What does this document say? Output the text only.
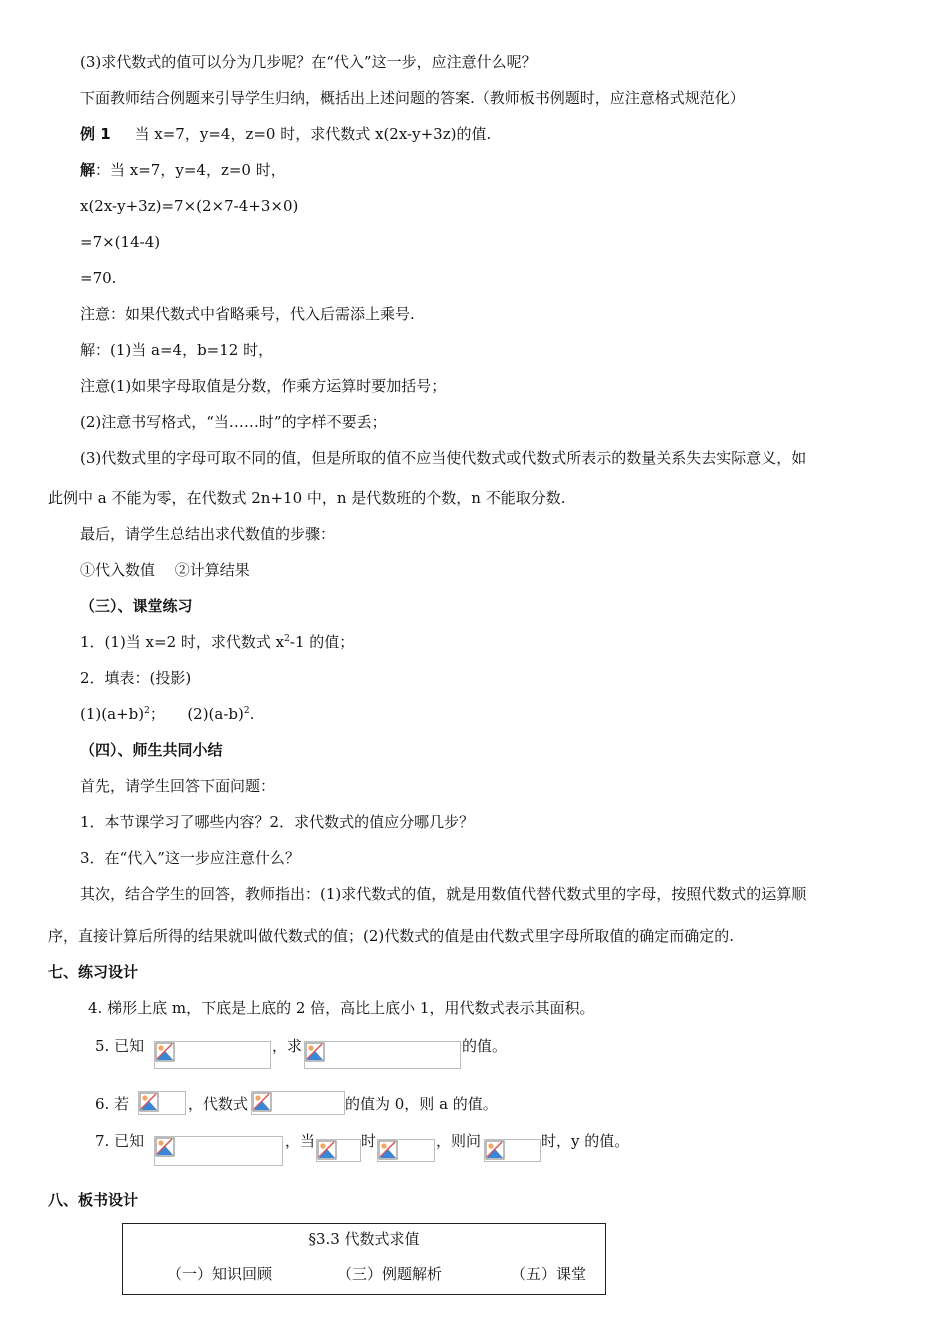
(3)求代数式的值可以分为几步呢？在“代入”这一步，应注意什么呢？
下面教师结合例题来引导学生归纳，概括出上述问题的答案.（教师板书例题时，应注意格式规范化）
例 1 当 x=7，y=4，z=0 时，求代数式 x(2x-y+3z)的值.
解：当 x=7，y=4，z=0 时，
x(2x-y+3z)=7×(2×7-4+3×0)
=7×(14-4)
=70.
注意：如果代数式中省略乘号，代入后需添上乘号.
解：(1)当 a=4，b=12 时，
注意(1)如果字母取值是分数，作乘方运算时要加括号；
(2)注意书写格式，“当……时”的字样不要丢；
(3)代数式里的字母可取不同的值，但是所取的值不应当使代数式或代数式所表示的数量关系失去实际意义，如
此例中 a 不能为零，在代数式 2n+10 中，n 是代数班的个数，n 不能取分数.
最后，请学生总结出求代数值的步骤：
①代入数值　 ②计算结果
（三）、课堂练习
1．(1)当 x=2 时，求代数式 $x^2-1$ 的值；
2．填表：(投影)
$(1)(a+b)^2$；　　$(2)(a-b)^2$.
（四）、师生共同小结
首先，请学生回答下面问题：
1．本节课学习了哪些内容？2．求代数式的值应分哪几步？
3．在“代入”这一步应注意什么？
其次，结合学生的回答，教师指出：(1)求代数式的值，就是用数值代替代数式里的字母，按照代数式的运算顺
序，直接计算后所得的结果就叫做代数式的值；(2)代数式的值是由代数式里字母所取值的确定而确定的.
七、练习设计
4. 梯形上底 m，下底是上底的 2 倍，高比上底小 1，用代数式表示其面积。
5. 已知	，求	的值。
6. 若	，代数式	的值为 0，则 a 的值。
7. 已知	，当	时	，则问	时，y 的值。
八、板书设计
§3.3 代数式求值
（一）知识回顾	（三）例题解析	（五）课堂
